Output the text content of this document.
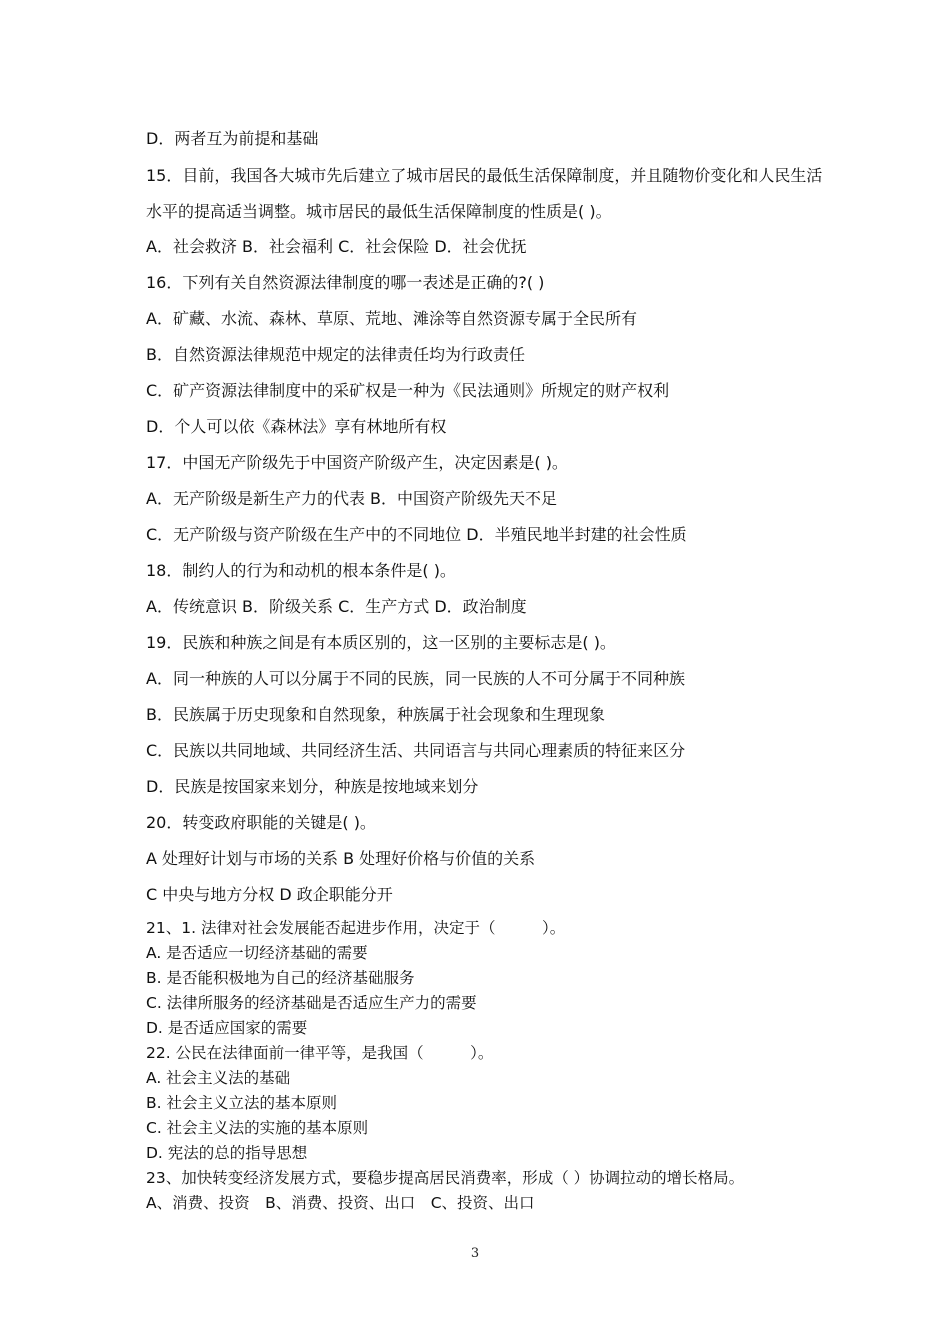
D．两者互为前提和基础
15．目前，我国各大城市先后建立了城市居民的最低生活保障制度，并且随物价变化和人民生活水平的提高适当调整。城市居民的最低生活保障制度的性质是( )。
A．社会救济 B．社会福利 C．社会保险 D．社会优抚
16．下列有关自然资源法律制度的哪一表述是正确的?( )
A．矿藏、水流、森林、草原、荒地、滩涂等自然资源专属于全民所有
B．自然资源法律规范中规定的法律责任均为行政责任
C．矿产资源法律制度中的采矿权是一种为《民法通则》所规定的财产权利
D．个人可以依《森林法》享有林地所有权
17．中国无产阶级先于中国资产阶级产生，决定因素是( )。
A．无产阶级是新生产力的代表 B．中国资产阶级先天不足
C．无产阶级与资产阶级在生产中的不同地位 D．半殖民地半封建的社会性质
18．制约人的行为和动机的根本条件是( )。
A．传统意识 B．阶级关系 C．生产方式 D．政治制度
19．民族和种族之间是有本质区别的，这一区别的主要标志是( )。
A．同一种族的人可以分属于不同的民族，同一民族的人不可分属于不同种族
B．民族属于历史现象和自然现象，种族属于社会现象和生理现象
C．民族以共同地域、共同经济生活、共同语言与共同心理素质的特征来区分
D．民族是按国家来划分，种族是按地域来划分
20．转变政府职能的关键是( )。
A 处理好计划与市场的关系 B 处理好价格与价值的关系
C 中央与地方分权 D 政企职能分开
21、1. 法律对社会发展能否起进步作用，决定于（　　　）。
A. 是否适应一切经济基础的需要
B. 是否能积极地为自己的经济基础服务
C. 法律所服务的经济基础是否适应生产力的需要
D. 是否适应国家的需要
22. 公民在法律面前一律平等，是我国（　　　）。
A. 社会主义法的基础
B. 社会主义立法的基本原则
C. 社会主义法的实施的基本原则
D. 宪法的总的指导思想
23、加快转变经济发展方式，要稳步提高居民消费率，形成（ ）协调拉动的增长格局。
A、消费、投资　B、消费、投资、出口　C、投资、出口
3
